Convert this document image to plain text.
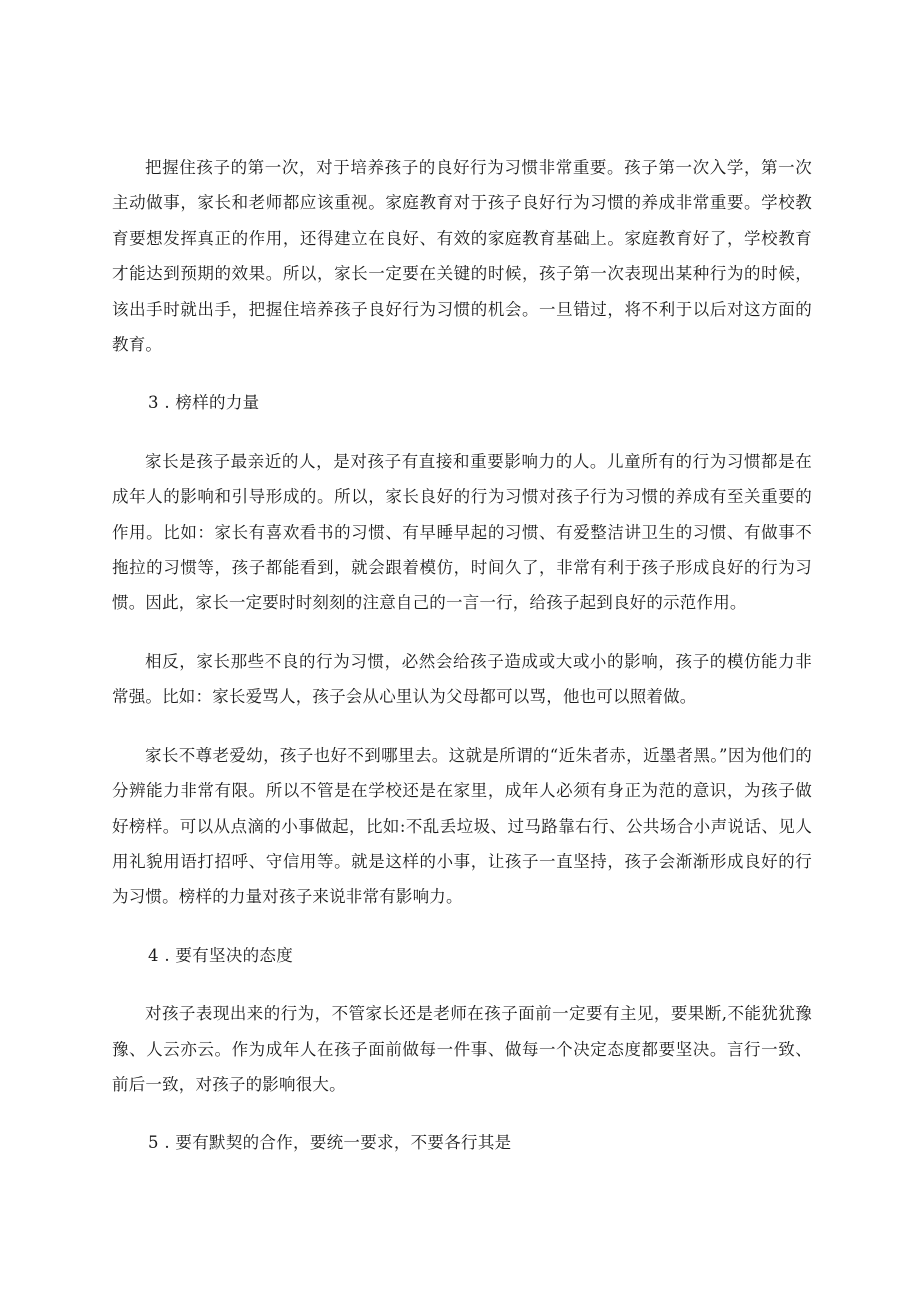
把握住孩子的第一次，对于培养孩子的良好行为习惯非常重要。孩子第一次入学，第一次主动做事，家长和老师都应该重视。家庭教育对于孩子良好行为习惯的养成非常重要。学校教育要想发挥真正的作用，还得建立在良好、有效的家庭教育基础上。家庭教育好了，学校教育才能达到预期的效果。所以，家长一定要在关键的时候，孩子第一次表现出某种行为的时候，该出手时就出手，把握住培养孩子良好行为习惯的机会。一旦错过，将不利于以后对这方面的教育。

3 . 榜样的力量

家长是孩子最亲近的人，是对孩子有直接和重要影响力的人。儿童所有的行为习惯都是在成年人的影响和引导形成的。所以，家长良好的行为习惯对孩子行为习惯的养成有至关重要的作用。比如：家长有喜欢看书的习惯、有早睡早起的习惯、有爱整洁讲卫生的习惯、有做事不拖拉的习惯等，孩子都能看到，就会跟着模仿，时间久了，非常有利于孩子形成良好的行为习惯。因此，家长一定要时时刻刻的注意自己的一言一行，给孩子起到良好的示范作用。

相反，家长那些不良的行为习惯，必然会给孩子造成或大或小的影响，孩子的模仿能力非常强。比如：家长爱骂人，孩子会从心里认为父母都可以骂，他也可以照着做。

家长不尊老爱幼，孩子也好不到哪里去。这就是所谓的“近朱者赤，近墨者黑。”因为他们的分辨能力非常有限。所以不管是在学校还是在家里，成年人必须有身正为范的意识，为孩子做好榜样。可以从点滴的小事做起，比如:不乱丢垃圾、过马路靠右行、公共场合小声说话、见人用礼貌用语打招呼、守信用等。就是这样的小事，让孩子一直坚持，孩子会渐渐形成良好的行为习惯。榜样的力量对孩子来说非常有影响力。

4 . 要有坚决的态度

对孩子表现出来的行为，不管家长还是老师在孩子面前一定要有主见，要果断,不能犹犹豫豫、人云亦云。作为成年人在孩子面前做每一件事、做每一个决定态度都要坚决。言行一致、前后一致，对孩子的影响很大。

5 . 要有默契的合作，要统一要求，不要各行其是
